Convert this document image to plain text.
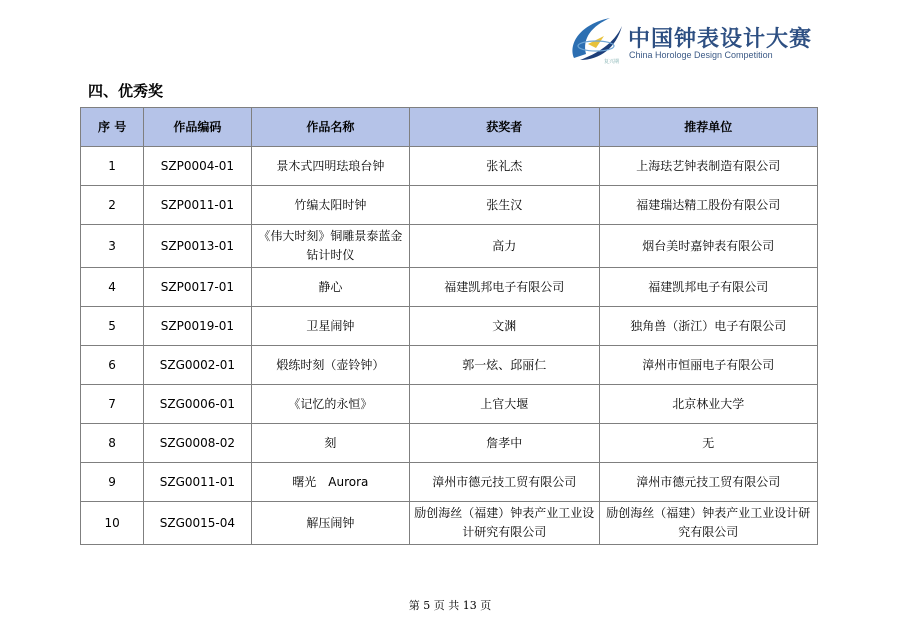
复兴期
中国钟表设计大赛
China Horologe Design Competition
四、优秀奖
序 号	作品编码	作品名称	获奖者	推荐单位
1	SZP0004-01	景木式四明珐琅台钟	张礼杰	上海珐艺钟表制造有限公司
2	SZP0011-01	竹编太阳时钟	张生汉	福建瑞达精工股份有限公司
3	SZP0013-01	《伟大时刻》铜雕景泰蓝金钻计时仪	高力	烟台美时嘉钟表有限公司
4	SZP0017-01	静心	福建凯邦电子有限公司	福建凯邦电子有限公司
5	SZP0019-01	卫星闹钟	文渊	独角兽（浙江）电子有限公司
6	SZG0002-01	煅练时刻（壶铃钟）	郭一炫、邱丽仁	漳州市恒丽电子有限公司
7	SZG0006-01	《记忆的永恒》	上官大堰	北京林业大学
8	SZG0008-02	刻	詹孝中	无
9	SZG0011-01	曙光　Aurora	漳州市德元技工贸有限公司	漳州市德元技工贸有限公司
10	SZG0015-04	解压闹钟	励创海丝（福建）钟表产业工业设计研究有限公司	励创海丝（福建）钟表产业工业设计研究有限公司
第 5 页 共 13 页
